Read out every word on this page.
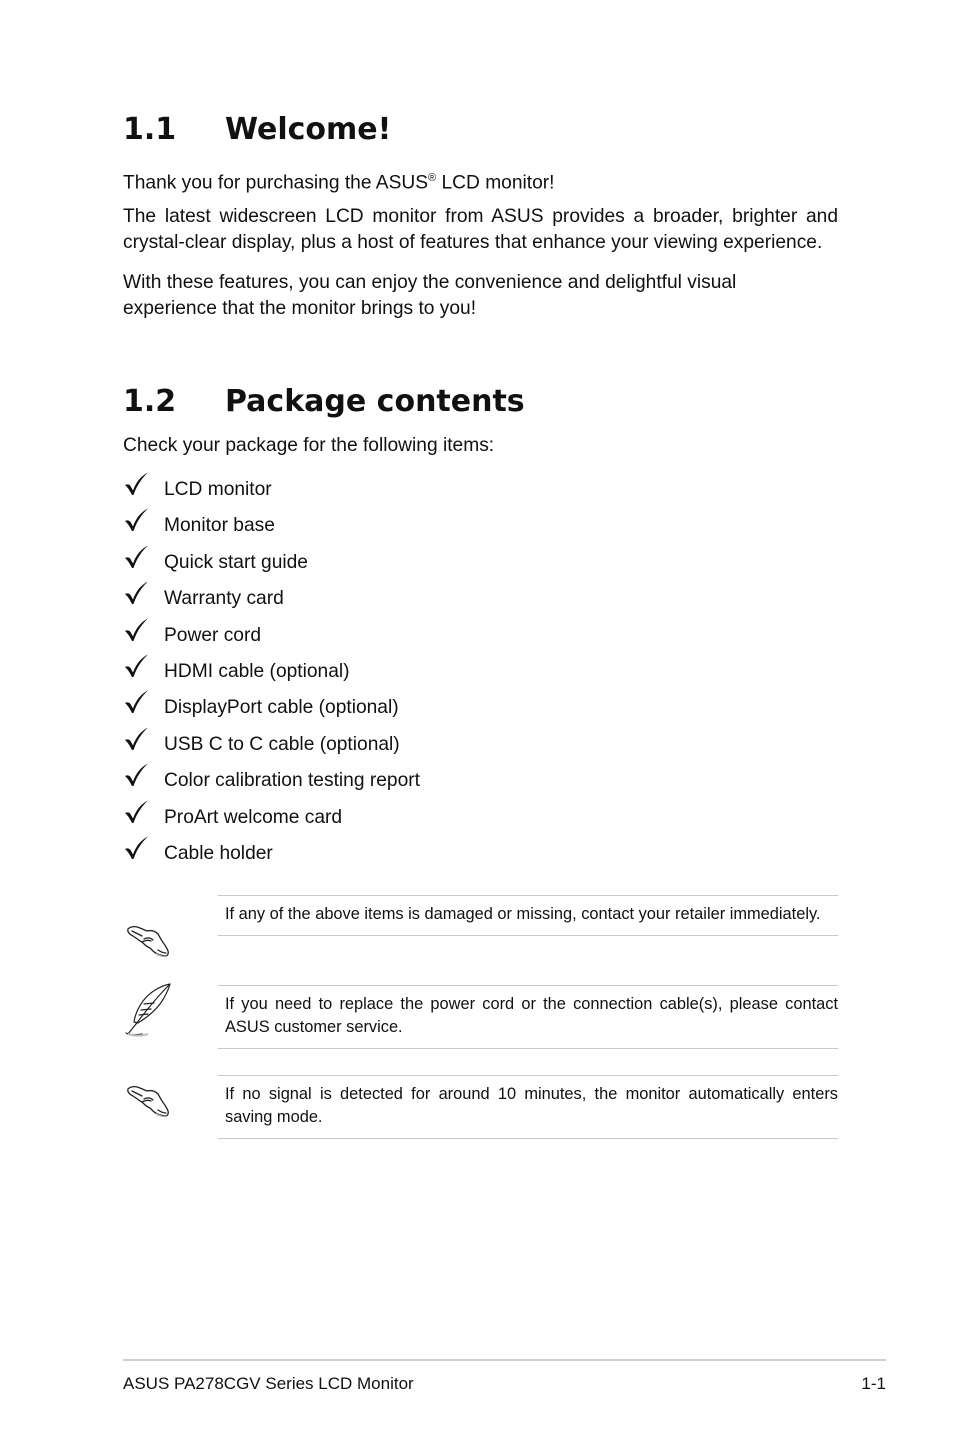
1.1 Welcome!

Thank you for purchasing the ASUS® LCD monitor!

The latest widescreen LCD monitor from ASUS provides a broader, brighter and crystal-clear display, plus a host of features that enhance your viewing experience.

With these features, you can enjoy the convenience and delightful visual experience that the monitor brings to you!

1.2 Package contents

Check your package for the following items:

LCD monitor
Monitor base
Quick start guide
Warranty card
Power cord
HDMI cable (optional)
DisplayPort cable (optional)
USB C to C cable (optional)
Color calibration testing report
ProArt welcome card
Cable holder

If any of the above items is damaged or missing, contact your retailer immediately.

If you need to replace the power cord or the connection cable(s), please contact ASUS customer service.

If no signal is detected for around 10 minutes, the monitor automatically enters saving mode.

ASUS PA278CGV Series LCD Monitor	1-1
